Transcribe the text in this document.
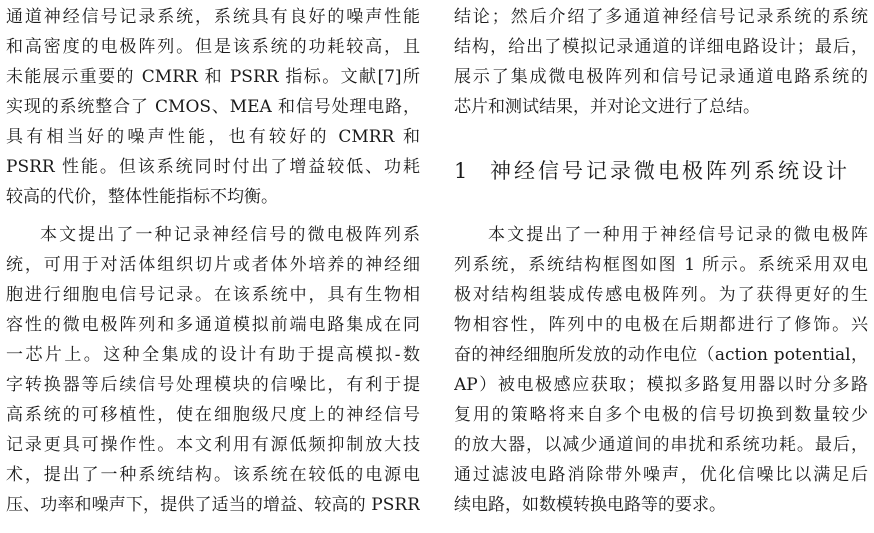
通道神经信号记录系统，系统具有良好的噪声性能
和高密度的电极阵列。但是该系统的功耗较高，且
未能展示重要的 CMRR 和 PSRR 指标。文献[7]所
实现的系统整合了 CMOS、MEA 和信号处理电路，
具有相当好的噪声性能，也有较好的 CMRR 和
PSRR 性能。但该系统同时付出了增益较低、功耗
较高的代价，整体性能指标不均衡。
本文提出了一种记录神经信号的微电极阵列系
统，可用于对活体组织切片或者体外培养的神经细
胞进行细胞电信号记录。在该系统中，具有生物相
容性的微电极阵列和多通道模拟前端电路集成在同
一芯片上。这种全集成的设计有助于提高模拟-数
字转换器等后续信号处理模块的信噪比，有利于提
高系统的可移植性，使在细胞级尺度上的神经信号
记录更具可操作性。本文利用有源低频抑制放大技
术，提出了一种系统结构。该系统在较低的电源电
压、功率和噪声下，提供了适当的增益、较高的 PSRR
结论；然后介绍了多通道神经信号记录系统的系统
结构，给出了模拟记录通道的详细电路设计；最后，
展示了集成微电极阵列和信号记录通道电路系统的
芯片和测试结果，并对论文进行了总结。
1 神经信号记录微电极阵列系统设计
本文提出了一种用于神经信号记录的微电极阵
列系统，系统结构框图如图 1 所示。系统采用双电
极对结构组装成传感电极阵列。为了获得更好的生
物相容性，阵列中的电极在后期都进行了修饰。兴
奋的神经细胞所发放的动作电位（action potential，
AP）被电极感应获取；模拟多路复用器以时分多路
复用的策略将来自多个电极的信号切换到数量较少
的放大器，以减少通道间的串扰和系统功耗。最后，
通过滤波电路消除带外噪声，优化信噪比以满足后
续电路，如数模转换电路等的要求。
